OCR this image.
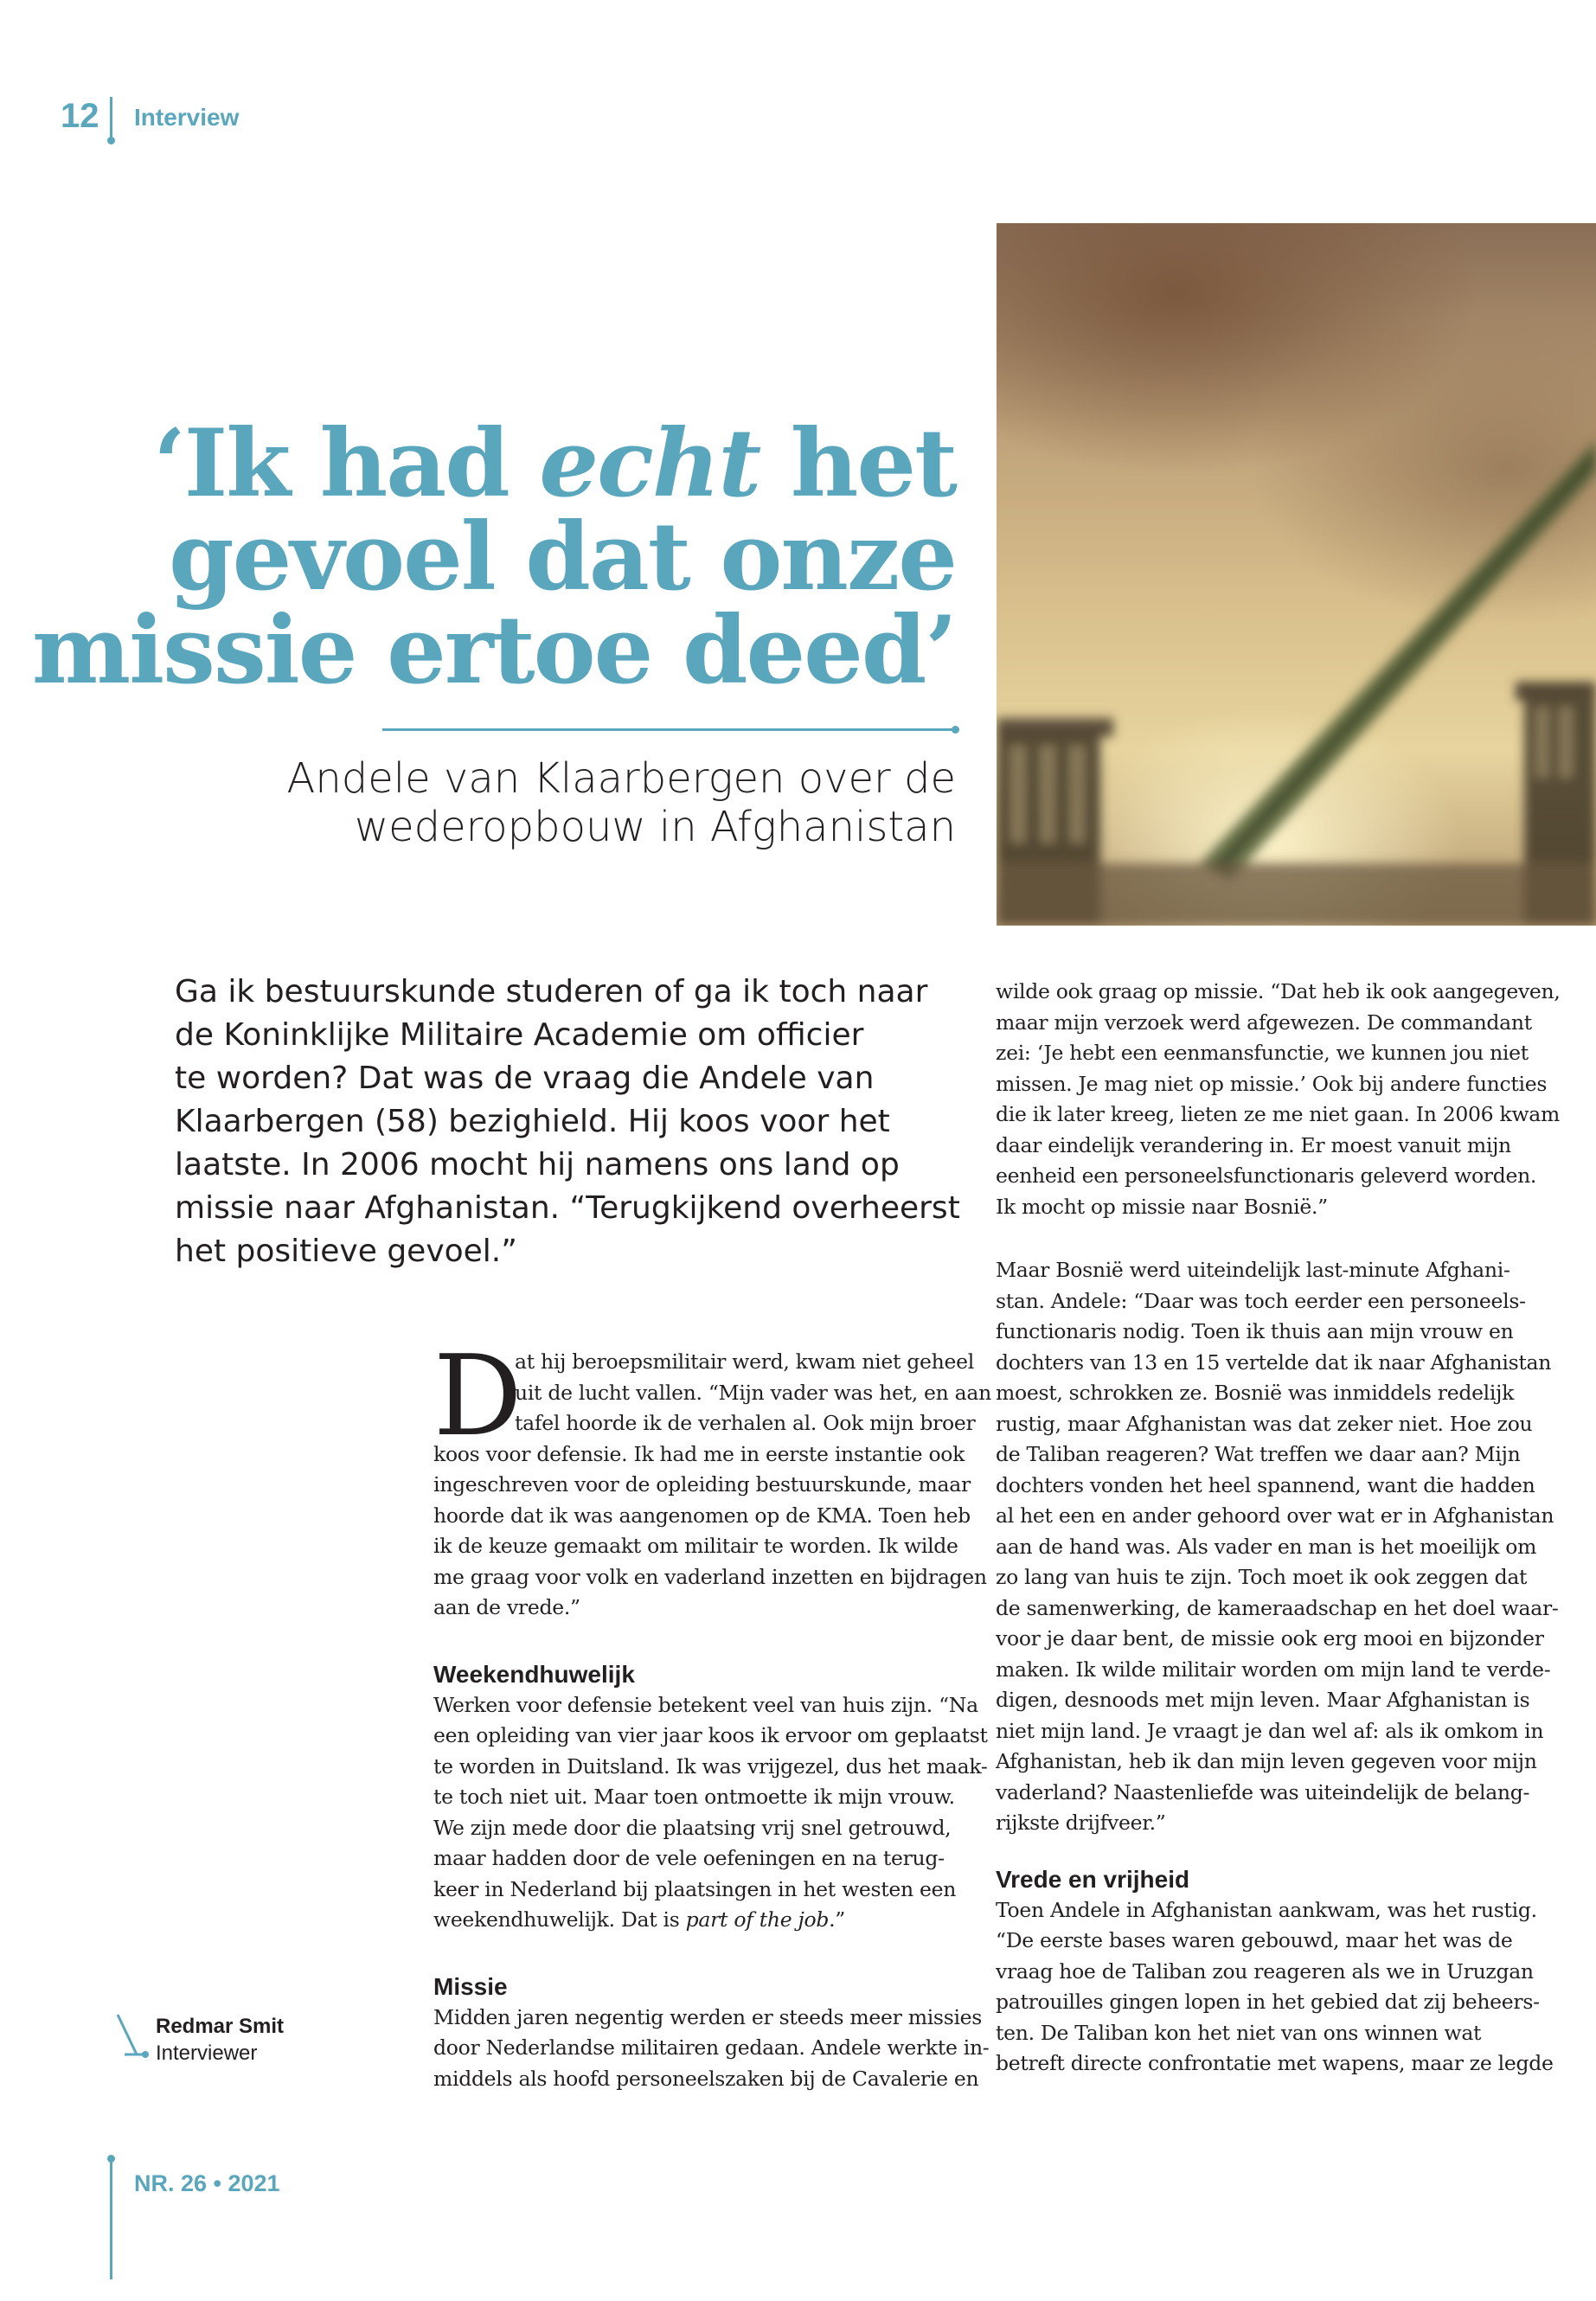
12 Interview
‘Ik had echt het
gevoel dat onze
missie ertoe deed’
Andele van Klaarbergen over de
wederopbouw in Afghanistan
Ga ik bestuurskunde studeren of ga ik toch naar
de Koninklijke Militaire Academie om officier
te worden? Dat was de vraag die Andele van
Klaarbergen (58) bezighield. Hij koos voor het
laatste. In 2006 mocht hij namens ons land op
missie naar Afghanistan. “Terugkijkend overheerst
het positieve gevoel.”
D
at hij beroepsmilitair werd, kwam niet geheel
uit de lucht vallen. “Mijn vader was het, en aan
tafel hoorde ik de verhalen al. Ook mijn broer
koos voor defensie. Ik had me in eerste instantie ook
ingeschreven voor de opleiding bestuurskunde, maar
hoorde dat ik was aangenomen op de KMA. Toen heb
ik de keuze gemaakt om militair te worden. Ik wilde
me graag voor volk en vaderland inzetten en bijdragen
aan de vrede.”
Weekendhuwelijk
Werken voor defensie betekent veel van huis zijn. “Na
een opleiding van vier jaar koos ik ervoor om geplaatst
te worden in Duitsland. Ik was vrijgezel, dus het maak-
te toch niet uit. Maar toen ontmoette ik mijn vrouw.
We zijn mede door die plaatsing vrij snel getrouwd,
maar hadden door de vele oefeningen en na terug-
keer in Nederland bij plaatsingen in het westen een
weekendhuwelijk. Dat is part of the job.”
Missie
Midden jaren negentig werden er steeds meer missies
door Nederlandse militairen gedaan. Andele werkte in-
middels als hoofd personeelszaken bij de Cavalerie en
wilde ook graag op missie. “Dat heb ik ook aangegeven,
maar mijn verzoek werd afgewezen. De commandant
zei: ‘Je hebt een eenmansfunctie, we kunnen jou niet
missen. Je mag niet op missie.’ Ook bij andere functies
die ik later kreeg, lieten ze me niet gaan. In 2006 kwam
daar eindelijk verandering in. Er moest vanuit mijn
eenheid een personeelsfunctionaris geleverd worden.
Ik mocht op missie naar Bosnië.”
Maar Bosnië werd uiteindelijk last-minute Afghani-
stan. Andele: “Daar was toch eerder een personeels-
functionaris nodig. Toen ik thuis aan mijn vrouw en
dochters van 13 en 15 vertelde dat ik naar Afghanistan
moest, schrokken ze. Bosnië was inmiddels redelijk
rustig, maar Afghanistan was dat zeker niet. Hoe zou
de Taliban reageren? Wat treffen we daar aan? Mijn
dochters vonden het heel spannend, want die hadden
al het een en ander gehoord over wat er in Afghanistan
aan de hand was. Als vader en man is het moeilijk om
zo lang van huis te zijn. Toch moet ik ook zeggen dat
de samenwerking, de kameraadschap en het doel waar-
voor je daar bent, de missie ook erg mooi en bijzonder
maken. Ik wilde militair worden om mijn land te verde-
digen, desnoods met mijn leven. Maar Afghanistan is
niet mijn land. Je vraagt je dan wel af: als ik omkom in
Afghanistan, heb ik dan mijn leven gegeven voor mijn
vaderland? Naastenliefde was uiteindelijk de belang-
rijkste drijfveer.”
Vrede en vrijheid
Toen Andele in Afghanistan aankwam, was het rustig.
“De eerste bases waren gebouwd, maar het was de
vraag hoe de Taliban zou reageren als we in Uruzgan
patrouilles gingen lopen in het gebied dat zij beheers-
ten. De Taliban kon het niet van ons winnen wat
betreft directe confrontatie met wapens, maar ze legde
Redmar Smit
Interviewer
NR. 26 • 2021
